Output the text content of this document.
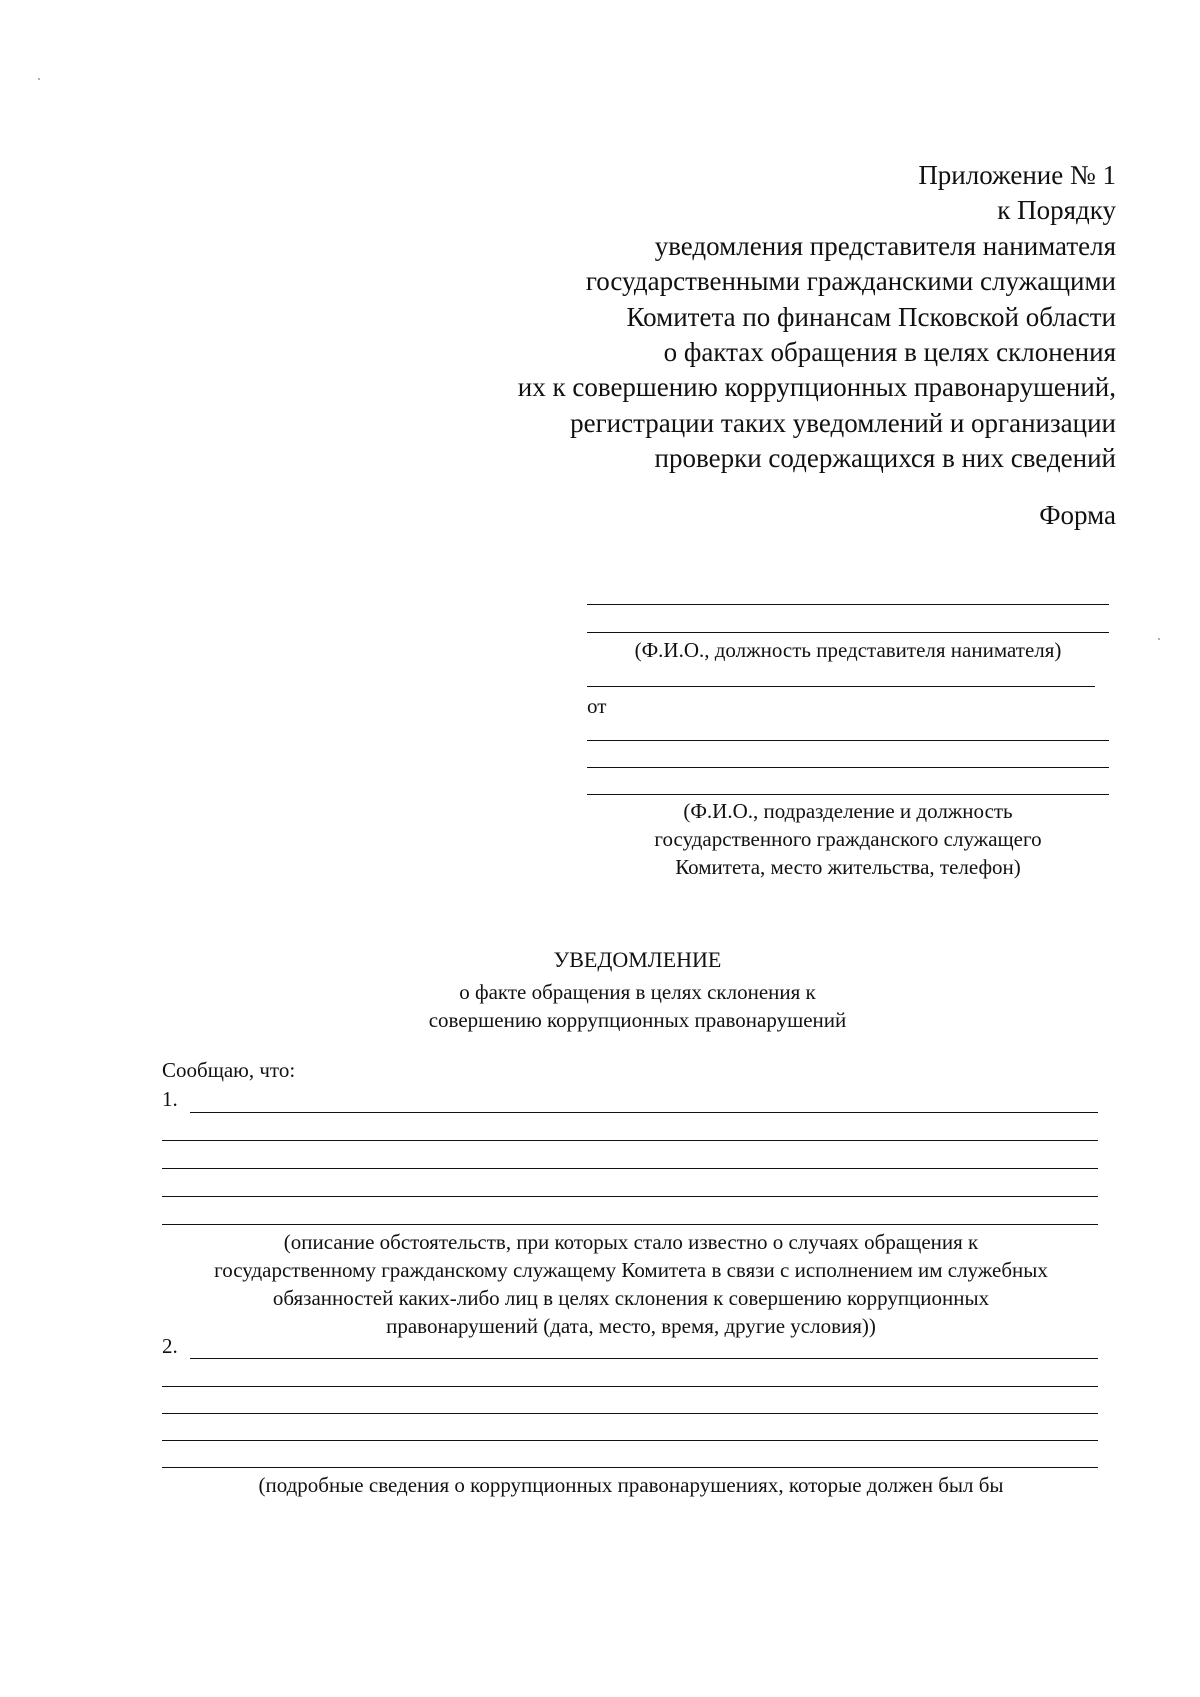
Приложение № 1
к Порядку
уведомления представителя нанимателя
государственными гражданскими служащими
Комитета по финансам Псковской области
о фактах обращения в целях склонения
их к совершению коррупционных правонарушений,
регистрации таких уведомлений и организации
проверки содержащихся в них сведений
Форма
(Ф.И.О., должность представителя нанимателя)
от
(Ф.И.О., подразделение и должность
государственного гражданского служащего
Комитета, место жительства, телефон)
УВЕДОМЛЕНИЕ
о факте обращения в целях склонения к
совершению коррупционных правонарушений
Сообщаю, что:
1.
(описание обстоятельств, при которых стало известно о случаях обращения к
государственному гражданскому служащему Комитета в связи с исполнением им служебных
обязанностей каких-либо лиц в целях склонения к совершению коррупционных
правонарушений (дата, место, время, другие условия))
2.
(подробные сведения о коррупционных правонарушениях, которые должен был бы
